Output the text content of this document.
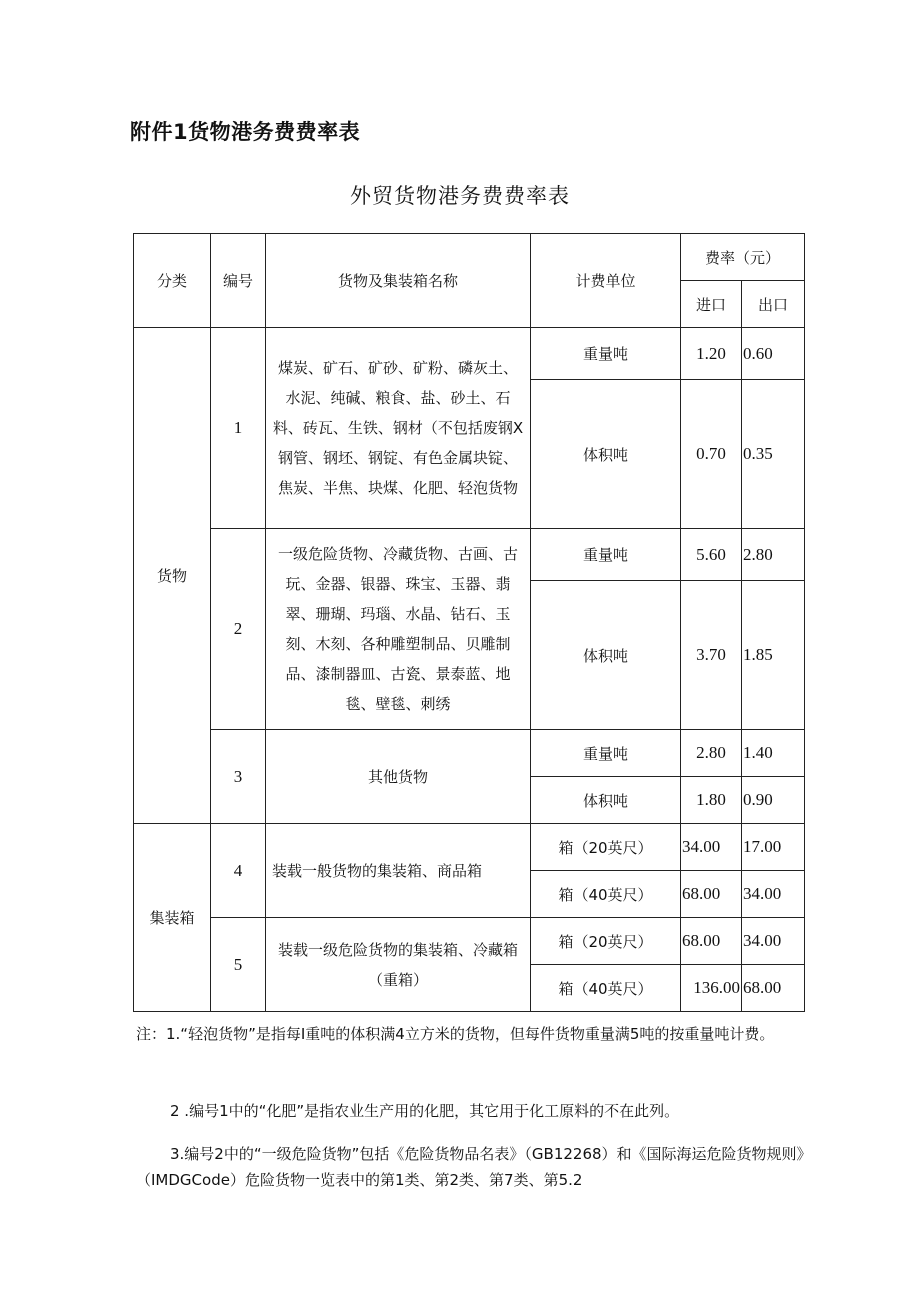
附件1货物港务费费率表
外贸货物港务费费率表
分类	编号	货物及集装箱名称	计费单位	费率（元）	
				进口	出口
货物	1	煤炭、矿石、矿砂、矿粉、磷灰土、水泥、纯碱、粮食、盐、砂土、石料、砖瓦、生铁、钢材（不包括废钢X钢管、钢坯、钢锭、有色金属块锭、焦炭、半焦、块煤、化肥、轻泡货物	重量吨	1.20	0.60
			体积吨	0.70	0.35
	2	一级危险货物、冷藏货物、古画、古玩、金器、银器、珠宝、玉器、翡翠、珊瑚、玛瑙、水晶、钻石、玉刻、木刻、各种雕塑制品、贝雕制品、漆制器皿、古瓷、景泰蓝、地毯、壁毯、刺绣	重量吨	5.60	2.80
			体积吨	3.70	1.85
	3	其他货物	重量吨	2.80	1.40
			体积吨	1.80	0.90
集装箱	4	装载一般货物的集装箱、商品箱	箱（20英尺）	34.00	17.00
			箱（40英尺）	68.00	34.00
	5	装载一级危险货物的集装箱、冷藏箱（重箱）	箱（20英尺）	68.00	34.00
			箱（40英尺）	136.00	68.00
注：1.“轻泡货物”是指每I重吨的体积满4立方米的货物，但每件货物重量满5吨的按重量吨计费。
2 .编号1中的“化肥”是指农业生产用的化肥，其它用于化工原料的不在此列。
3.编号2中的“一级危险货物”包括《危险货物品名表》（GB12268）和《国际海运危险货物规则》（IMDGCode）危险货物一览表中的第1类、第2类、第7类、第5.2
